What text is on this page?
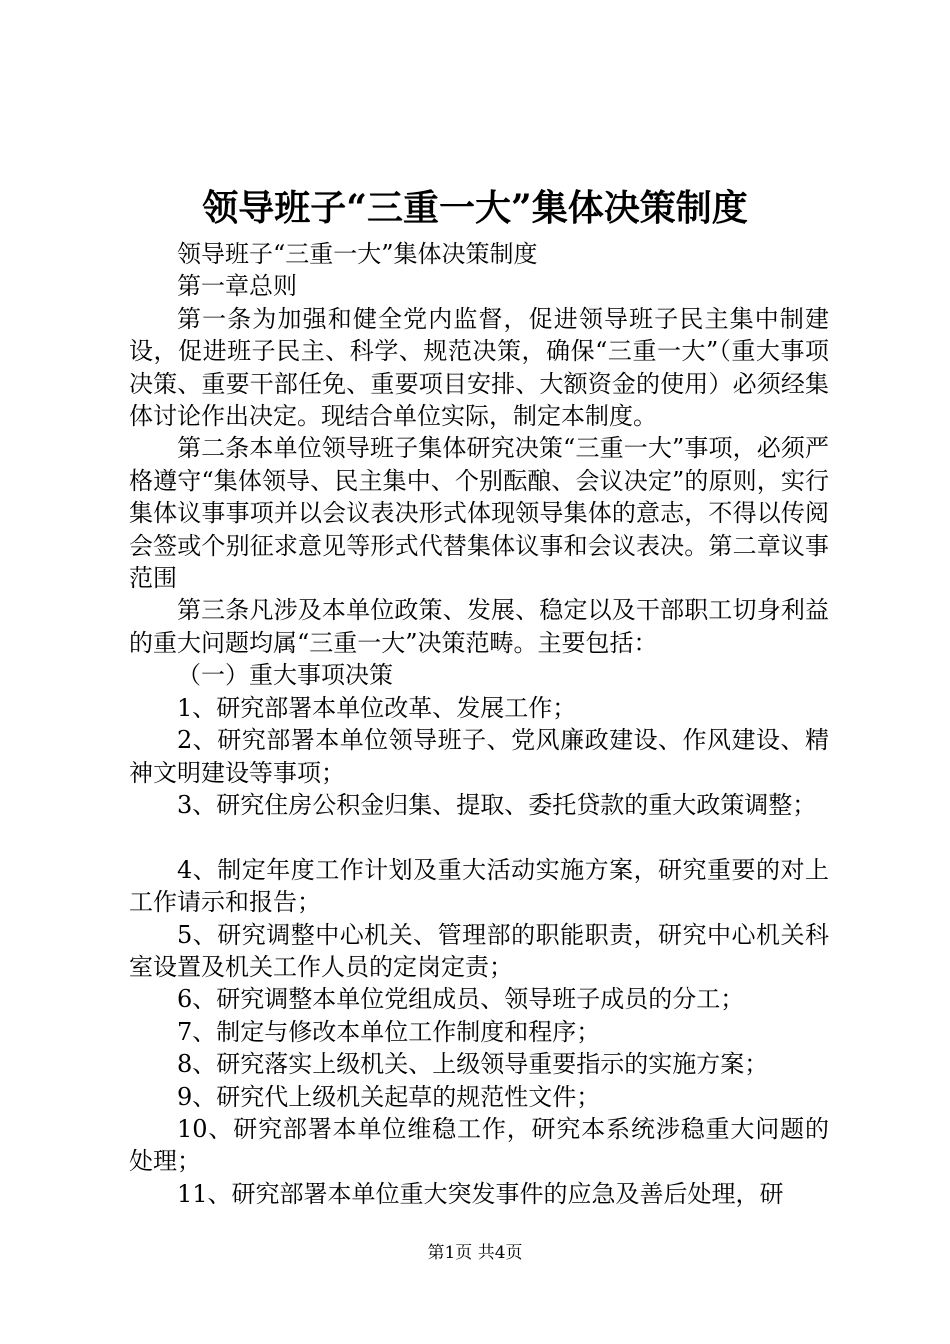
领导班子“三重一大”集体决策制度

领导班子“三重一大”集体决策制度

第一章总则

第一条为加强和健全党内监督，促进领导班子民主集中制建设，促进班子民主、科学、规范决策，确保“三重一大”（重大事项决策、重要干部任免、重要项目安排、大额资金的使用）必须经集体讨论作出决定。现结合单位实际，制定本制度。

第二条本单位领导班子集体研究决策“三重一大”事项，必须严格遵守“集体领导、民主集中、个别酝酿、会议决定”的原则，实行集体议事事项并以会议表决形式体现领导集体的意志，不得以传阅会签或个别征求意见等形式代替集体议事和会议表决。第二章议事范围

第三条凡涉及本单位政策、发展、稳定以及干部职工切身利益的重大问题均属“三重一大”决策范畴。主要包括：

（一）重大事项决策

1、研究部署本单位改革、发展工作；

2、研究部署本单位领导班子、党风廉政建设、作风建设、精神文明建设等事项；

3、研究住房公积金归集、提取、委托贷款的重大政策调整；

4、制定年度工作计划及重大活动实施方案，研究重要的对上工作请示和报告；

5、研究调整中心机关、管理部的职能职责，研究中心机关科室设置及机关工作人员的定岗定责；

6、研究调整本单位党组成员、领导班子成员的分工；

7、制定与修改本单位工作制度和程序；

8、研究落实上级机关、上级领导重要指示的实施方案；

9、研究代上级机关起草的规范性文件；

10、研究部署本单位维稳工作，研究本系统涉稳重大问题的处理；

11、研究部署本单位重大突发事件的应急及善后处理，研

第1页 共4页
